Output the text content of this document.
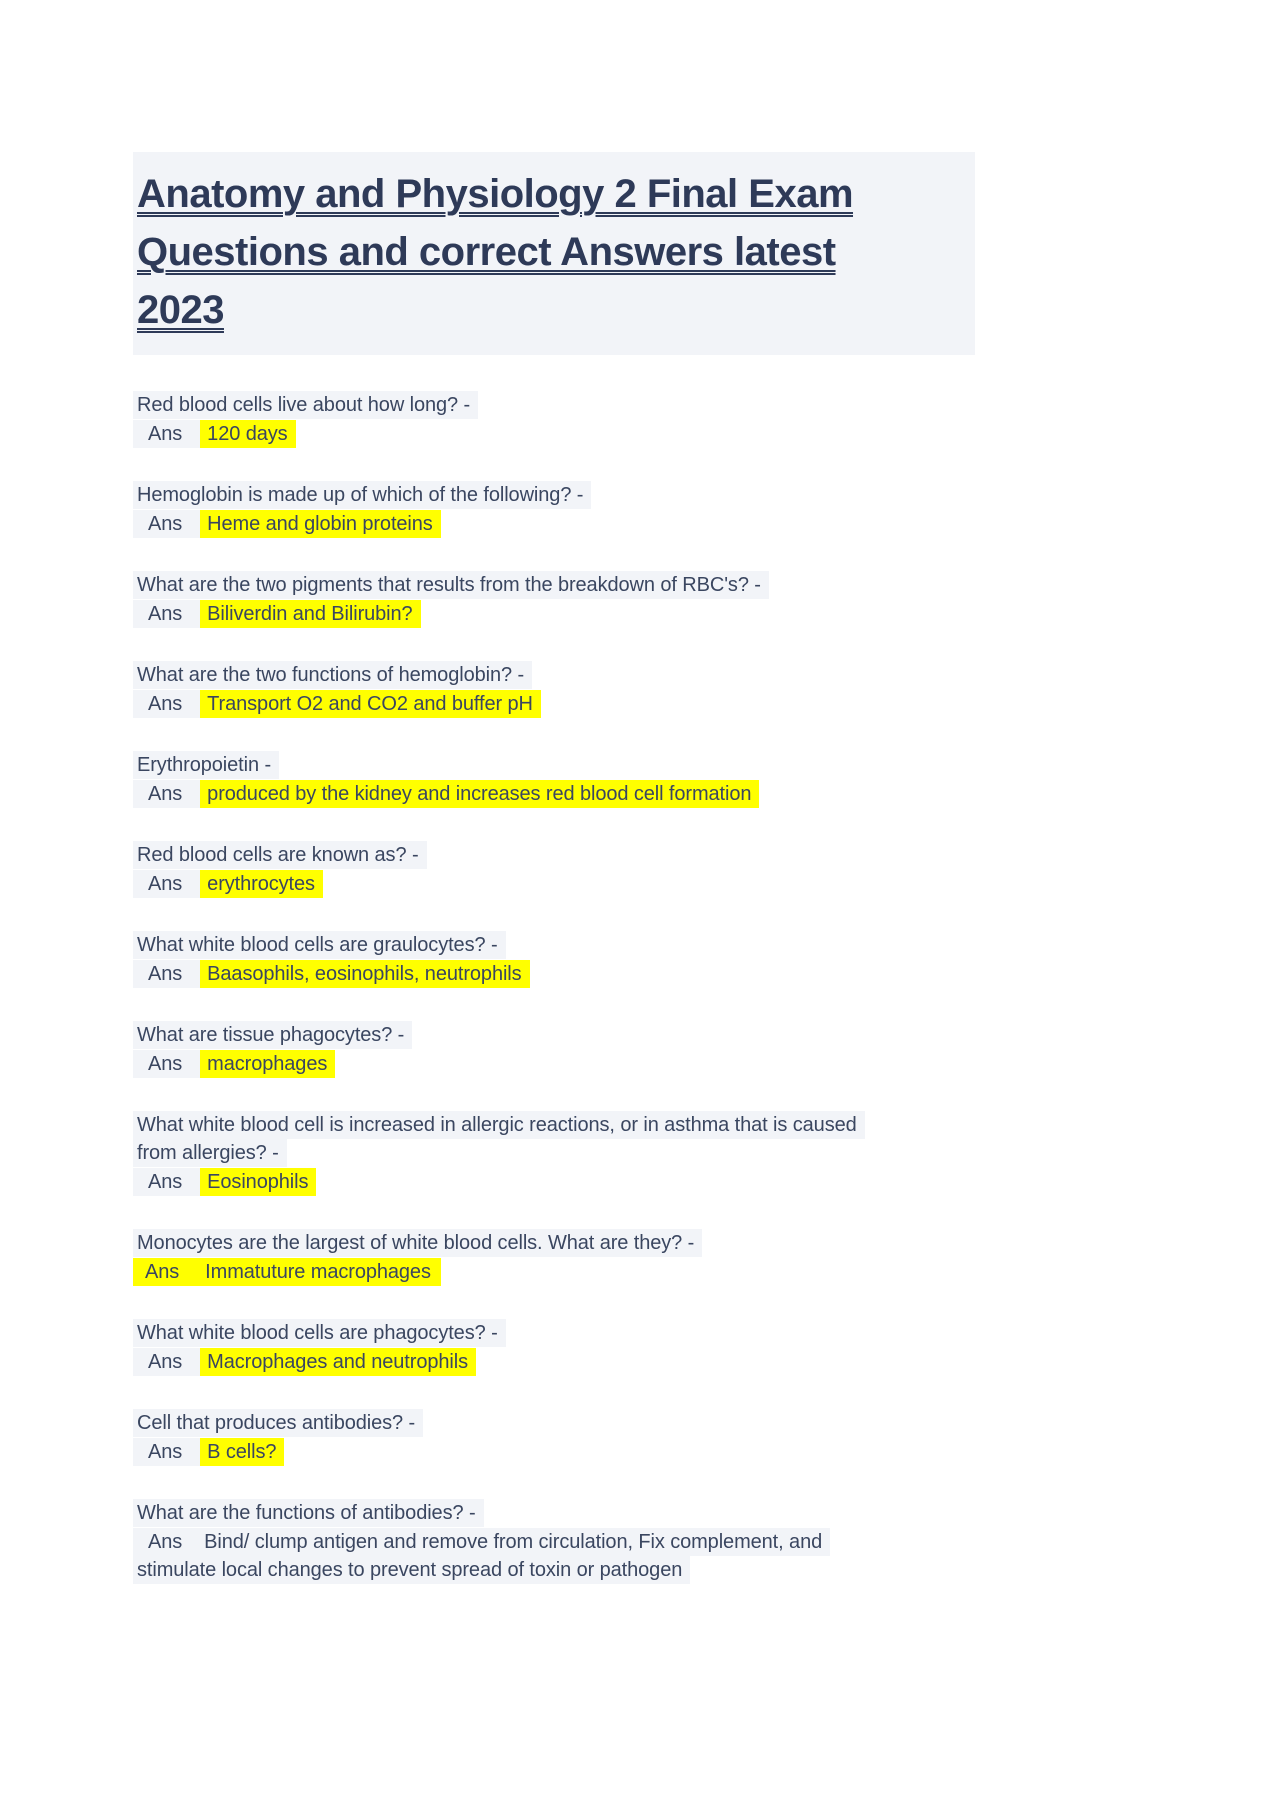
Anatomy and Physiology 2 Final Exam
Questions and correct Answers latest
2023
Red blood cells live about how long? -
Ans 120 days
Hemoglobin is made up of which of the following? -
Ans Heme and globin proteins
What are the two pigments that results from the breakdown of RBC's? -
Ans Biliverdin and Bilirubin?
What are the two functions of hemoglobin? -
Ans Transport O2 and CO2 and buffer pH
Erythropoietin -
Ans produced by the kidney and increases red blood cell formation
Red blood cells are known as? -
Ans erythrocytes
What white blood cells are graulocytes? -
Ans Baasophils, eosinophils, neutrophils
What are tissue phagocytes? -
Ans macrophages
What white blood cell is increased in allergic reactions, or in asthma that is caused
from allergies? -
Ans Eosinophils
Monocytes are the largest of white blood cells. What are they? -
Ans Immatuture macrophages
What white blood cells are phagocytes? -
Ans Macrophages and neutrophils
Cell that produces antibodies? -
Ans B cells?
What are the functions of antibodies? -
Ans Bind/ clump antigen and remove from circulation, Fix complement, and
stimulate local changes to prevent spread of toxin or pathogen
